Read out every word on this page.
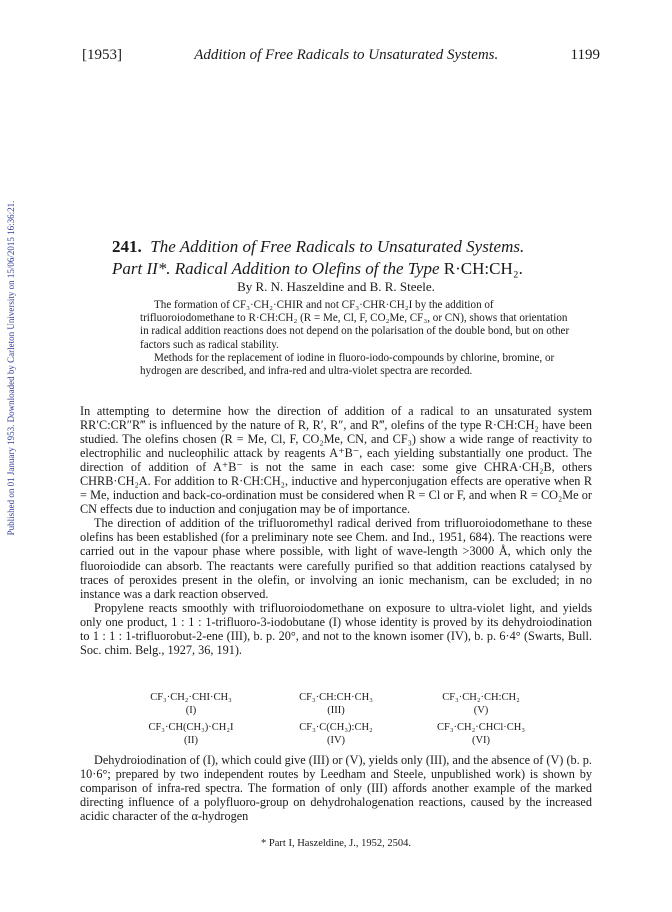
Published on 01 January 1953. Downloaded by Carleton University on 15/06/2015 16:36:21.
[1953]	Addition of Free Radicals to Unsaturated Systems.	1199
241. The Addition of Free Radicals to Unsaturated Systems.
Part II*. Radical Addition to Olefins of the Type R·CH:CH₂.
By R. N. Haszeldine and B. R. Steele.

The formation of CF₃·CH₂·CHIR and not CF₃·CHR·CH₂I by the addition of trifluoroiodomethane to R·CH:CH₂ (R = Me, Cl, F, CO₂Me, CF₃, or CN), shows that orientation in radical addition reactions does not depend on the polarisation of the double bond, but on other factors such as radical stability.

Methods for the replacement of iodine in fluoro-iodo-compounds by chlorine, bromine, or hydrogen are described, and infra-red and ultra-violet spectra are recorded.

In attempting to determine how the direction of addition of a radical to an unsaturated system RR′C:CR″R‴ is influenced by the nature of R, R′, R″, and R‴, olefins of the type R·CH:CH₂ have been studied. The olefins chosen (R = Me, Cl, F, CO₂Me, CN, and CF₃) show a wide range of reactivity to electrophilic and nucleophilic attack by reagents A⁺B⁻, each yielding substantially one product. The direction of addition of A⁺B⁻ is not the same in each case: some give CHRA·CH₂B, others CHRB·CH₂A. For addition to R·CH:CH₂, inductive and hyperconjugation effects are operative when R = Me, induction and back-co-ordination must be considered when R = Cl or F, and when R = CO₂Me or CN effects due to induction and conjugation may be of importance.

The direction of addition of the trifluoromethyl radical derived from trifluoroiodomethane to these olefins has been established (for a preliminary note see Chem. and Ind., 1951, 684). The reactions were carried out in the vapour phase where possible, with light of wave-length >3000 Å, which only the fluoroiodide can absorb. The reactants were carefully purified so that addition reactions catalysed by traces of peroxides present in the olefin, or involving an ionic mechanism, can be excluded; in no instance was a dark reaction observed.

Propylene reacts smoothly with trifluoroiodomethane on exposure to ultra-violet light, and yields only one product, 1 : 1 : 1-trifluoro-3-iodobutane (I) whose identity is proved by its dehydroiodination to 1 : 1 : 1-trifluorobut-2-ene (III), b. p. 20°, and not to the known isomer (IV), b. p. 6·4° (Swarts, Bull. Soc. chim. Belg., 1927, 36, 191).

CF₃·CH₂·CHI·CH₃
(I)
CF₃·CH:CH·CH₃
(III)
CF₃·CH₂·CH:CH₂
(V)
CF₃·CH(CH₃)·CH₂I
(II)
CF₃·C(CH₃):CH₂
(IV)
CF₃·CH₂·CHCl·CH₃
(VI)

Dehydroiodination of (I), which could give (III) or (V), yields only (III), and the absence of (V) (b. p. 10·6°; prepared by two independent routes by Leedham and Steele, unpublished work) is shown by comparison of infra-red spectra. The formation of only (III) affords another example of the marked directing influence of a polyfluoro-group on dehydrohalogenation reactions, caused by the increased acidic character of the α-hydrogen

* Part I, Haszeldine, J., 1952, 2504.
